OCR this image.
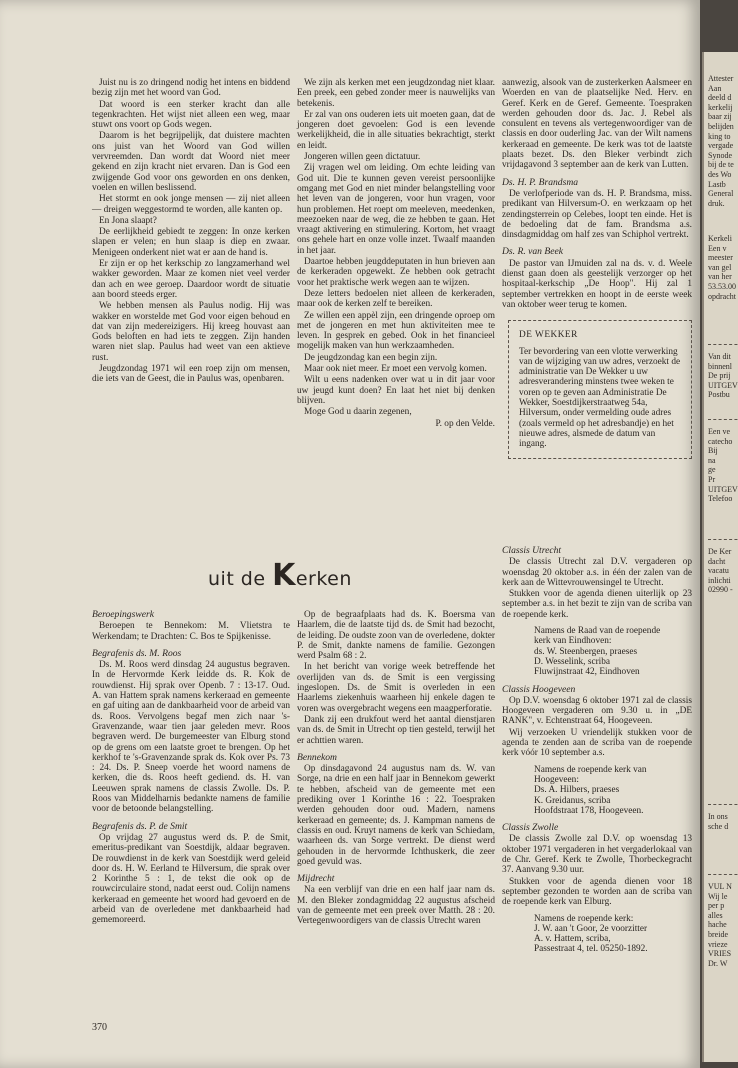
Juist nu is zo dringend nodig het intens en biddend bezig zijn met het woord van God.

Dat woord is een sterker kracht dan alle tegenkrachten. Het wijst niet alleen een weg, maar stuwt ons voort op Gods wegen.

Daarom is het begrijpelijk, dat duistere machten ons juist van het Woord van God willen vervreemden. Dan wordt dat Woord niet meer gekend en zijn kracht niet ervaren. Dan is God een zwijgende God voor ons geworden en ons denken, voelen en willen beslissend.

Het stormt en ook jonge mensen — zij niet alleen — dreigen weggestormd te worden, alle kanten op.

En Jona slaapt?

De eerlijkheid gebiedt te zeggen: In onze kerken slapen er velen; en hun slaap is diep en zwaar. Menigeen onderkent niet wat er aan de hand is.

Er zijn er op het kerkschip zo langzamerhand wel wakker geworden. Maar ze komen niet veel verder dan ach en wee geroep. Daardoor wordt de situatie aan boord steeds erger.

We hebben mensen als Paulus nodig. Hij was wakker en worstelde met God voor eigen behoud en dat van zijn medereizigers. Hij kreeg houvast aan Gods beloften en had iets te zeggen. Zijn handen waren niet slap. Paulus had weet van een aktieve rust.

Jeugdzondag 1971 wil een roep zijn om mensen, die iets van de Geest, die in Paulus was, openbaren.

We zijn als kerken met een jeugdzondag niet klaar. Een preek, een gebed zonder meer is nauwelijks van betekenis.

Er zal van ons ouderen iets uit moeten gaan, dat de jongeren doet gevoelen: God is een levende werkelijkheid, die in alle situaties bekrachtigt, sterkt en leidt.

Jongeren willen geen dictatuur.

Zij vragen wel om leiding. Om echte leiding van God uit. Die te kunnen geven vereist persoonlijke omgang met God en niet minder belangstelling voor het leven van de jongeren, voor hun vragen, voor hun problemen. Het roept om meeleven, meedenken, meezoeken naar de weg, die ze hebben te gaan. Het vraagt aktivering en stimulering. Kortom, het vraagt ons gehele hart en onze volle inzet. Twaalf maanden in het jaar.

Daartoe hebben jeugddeputaten in hun brieven aan de kerkeraden opgewekt. Ze hebben ook getracht voor het praktische werk wegen aan te wijzen.

Deze letters bedoelen niet alleen de kerkeraden, maar ook de kerken zelf te bereiken.

Ze willen een appèl zijn, een dringende oproep om met de jongeren en met hun aktiviteiten mee te leven. In gesprek en gebed. Ook in het financieel mogelijk maken van hun werkzaamheden.

De jeugdzondag kan een begin zijn.

Maar ook niet meer. Er moet een vervolg komen.

Wilt u eens nadenken over wat u in dit jaar voor uw jeugd kunt doen? En laat het niet bij denken blijven.

Moge God u daarin zegenen,

P. op den Velde.

aanwezig, alsook van de zusterkerken Aalsmeer en Woerden en van de plaatselijke Ned. Herv. en Geref. Kerk en de Geref. Gemeente. Toespraken werden gehouden door ds. Jac. J. Rebel als consulent en tevens als vertegenwoordiger van de classis en door ouderling Jac. van der Wilt namens kerkeraad en gemeente. De kerk was tot de laatste plaats bezet. Ds. den Bleker verbindt zich vrijdagavond 3 september aan de kerk van Lutten.

Ds. H. P. Brandsma

De verlofperiode van ds. H. P. Brandsma, miss. predikant van Hilversum-O. en werkzaam op het zendingsterrein op Celebes, loopt ten einde. Het is de bedoeling dat de fam. Brandsma a.s. dinsdagmiddag om half zes van Schiphol vertrekt.

Ds. R. van Beek

De pastor van IJmuiden zal na ds. v. d. Weele dienst gaan doen als geestelijk verzorger op het hospitaal-kerkschip „De Hoop". Hij zal 1 september vertrekken en hoopt in de eerste week van oktober weer terug te komen.

DE WEKKER
Ter bevordering van een vlotte verwerking van de wijziging van uw adres, verzoekt de administratie van De Wekker u uw adresverandering minstens twee weken te voren op te geven aan Administratie De Wekker, Soestdijkerstraatweg 54a, Hilversum, onder vermelding oude adres (zoals vermeld op het adresbandje) en het nieuwe adres, alsmede de datum van ingang.
uit de Kerken
Beroepingswerk

Beroepen te Bennekom: M. Vlietstra te Werkendam; te Drachten: C. Bos te Spijkenisse.

Begrafenis ds. M. Roos

Ds. M. Roos werd dinsdag 24 augustus begraven. In de Hervormde Kerk leidde ds. R. Kok de rouwdienst. Hij sprak over Openb. 7 : 13-17. Oud. A. van Hattem sprak namens kerkeraad en gemeente en gaf uiting aan de dankbaarheid voor de arbeid van ds. Roos. Vervolgens begaf men zich naar 's-Gravenzande, waar tien jaar geleden mevr. Roos begraven werd. De burgemeester van Elburg stond op de grens om een laatste groet te brengen. Op het kerkhof te 's-Gravenzande sprak ds. Kok over Ps. 73 : 24. Ds. P. Sneep voerde het woord namens de kerken, die ds. Roos heeft gediend. ds. H. van Leeuwen sprak namens de classis Zwolle. Ds. P. Roos van Middelharnis bedankte namens de familie voor de betoonde belangstelling.

Begrafenis ds. P. de Smit

Op vrijdag 27 augustus werd ds. P. de Smit, emeritus-predikant van Soestdijk, aldaar begraven. De rouwdienst in de kerk van Soestdijk werd geleid door ds. H. W. Eerland te Hilversum, die sprak over 2 Korinthe 5 : 1, de tekst die ook op de rouwcirculaire stond, nadat eerst oud. Colijn namens kerkeraad en gemeente het woord had gevoerd en de arbeid van de overledene met dankbaarheid had gememoreerd.

Op de begraafplaats had ds. K. Boersma van Haarlem, die de laatste tijd ds. de Smit had bezocht, de leiding. De oudste zoon van de overledene, dokter P. de Smit, dankte namens de familie. Gezongen werd Psalm 68 : 2.

In het bericht van vorige week betreffende het overlijden van ds. de Smit is een vergissing ingeslopen. Ds. de Smit is overleden in een Haarlems ziekenhuis waarheen hij enkele dagen te voren was overgebracht wegens een maagperforatie.

Dank zij een drukfout werd het aantal dienstjaren van ds. de Smit in Utrecht op tien gesteld, terwijl het er achttien waren.

Bennekom

Op dinsdagavond 24 augustus nam ds. W. van Sorge, na drie en een half jaar in Bennekom gewerkt te hebben, afscheid van de gemeente met een prediking over 1 Korinthe 16 : 22. Toespraken werden gehouden door oud. Madern, namens kerkeraad en gemeente; ds. J. Kampman namens de classis en oud. Kruyt namens de kerk van Schiedam, waarheen ds. van Sorge vertrekt. De dienst werd gehouden in de hervormde Ichthuskerk, die zeer goed gevuld was.

Mijdrecht

Na een verblijf van drie en een half jaar nam ds. M. den Bleker zondagmiddag 22 augustus afscheid van de gemeente met een preek over Matth. 28 : 20. Vertegenwoordigers van de classis Utrecht waren

Classis Utrecht

De classis Utrecht zal D.V. vergaderen op woensdag 20 oktober a.s. in één der zalen van de kerk aan de Wittevrouwensingel te Utrecht.

Stukken voor de agenda dienen uiterlijk op 23 september a.s. in het bezit te zijn van de scriba van de roepende kerk.

Namens de Raad van de roepende
kerk van Eindhoven:
ds. W. Steenbergen, praeses
D. Wesselink, scriba
Fluwijnstraat 42, Eindhoven
Classis Hoogeveen

Op D.V. woensdag 6 oktober 1971 zal de classis Hoogeveen vergaderen om 9.30 u. in „DE RANK", v. Echtenstraat 64, Hoogeveen.

Wij verzoeken U vriendelijk stukken voor de agenda te zenden aan de scriba van de roepende kerk vóór 10 september a.s.

Namens de roepende kerk van
Hoogeveen:
Ds. A. Hilbers, praeses
K. Greidanus, scriba
Hoofdstraat 178, Hoogeveen.
Classis Zwolle

De classis Zwolle zal D.V. op woensdag 13 oktober 1971 vergaderen in het vergaderlokaal van de Chr. Geref. Kerk te Zwolle, Thorbeckegracht 37. Aanvang 9.30 uur.

Stukken voor de agenda dienen voor 18 september gezonden te worden aan de scriba van de roepende kerk van Elburg.

Namens de roepende kerk:
J. W. aan 't Goor, 2e voorzitter
A. v. Hattem, scriba,
Passestraat 4, tel. 05250-1892.
370
Attester
Aan
deeld d
kerkelij
baar zij
belijden
king to
vergade
Synode
bij de te
des Wo
Lastb
General
druk.
Kerkeli
Een v
meester
van gel
van her
53.53.00
opdracht
Van dit
binnenl
De prij
UITGEV
Postbu
Een ve
catecho
Bij
na
ge
Pr
UITGEV
Telefoo
De Ker
dacht
vacatu
inlichti
02990 -
In ons
sche d
VUL N
Wij le
per p
alles
hache
breide
vrieze
VRIES
Dr. W
